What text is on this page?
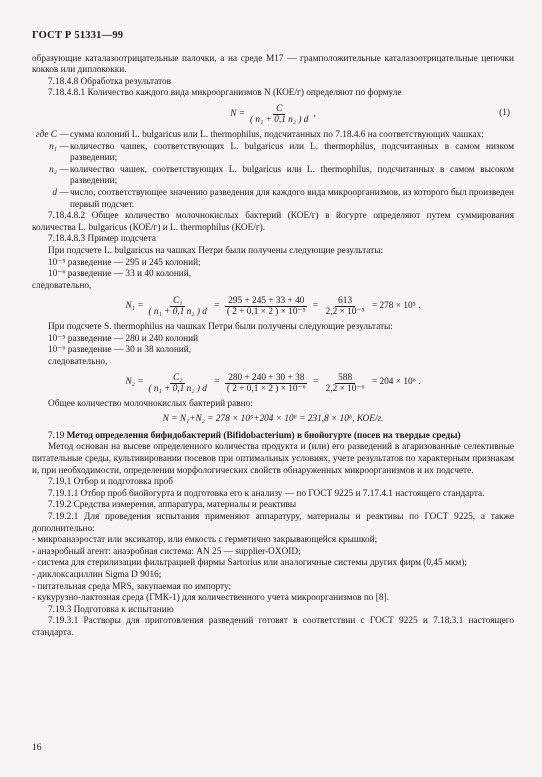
ГОСТ Р 51331—99

образующие каталазоотрицательные палочки, а на среде М17 — грамположительные каталазоотрицательные цепочки кокков или диплококки.

7.18.4.8 Обработка результатов

7.18.4.8.1 Количество каждого вида микроорганизмов N (КОЕ/г) определяют по формуле

$N = \frac{C}{\text{( n₁ + 0,1 n₂ ) d}}$ ,	(1)
где C — сумма колоний L. bulgaricus или L. thermophilus, подсчитанных по 7.18.4.6 на соответствующих чашках;
n₁ — количество чашек, соответствующих L. bulgaricus или L. thermophilus, подсчитанных в самом низком разведении;
n₂ — количество чашек, соответствующих L. bulgaricus или L. thermophilus, подсчитанных в самом высоком разведении;
d — число, соответствующее значению разведения для каждого вида микроорганизмов, из которого был произведен первый подсчет.

7.18.4.8.2 Общее количество молочнокислых бактерий (КОЕ/г) в йогурте определяют путем суммирования количества L. bulgaricus (КОЕ/г) и L. thermophilus (КОЕ/г).

7.18.4.8.3 Пример подсчета

При подсчете L. bulgaricus на чашках Петри были получены следующие результаты:

10⁻⁵ разведение — 295 и 245 колоний;

10⁻⁶ разведение — 33 и 40 колоний,

следовательно,

$N_1 = \frac{\text{C₁}}{\text{( n₁ + 0,1 n₂ ) d}} = \frac{295 + 245 + 33 + 40}{\text{( 2 + 0,1 × 2 ) × 10⁻⁵}} = \frac{613}{\text{2,2 × 10⁻⁵}}$
= 278 × 10⁵ .

При подсчете S. thermophilus на чашках Петри были получены следующие результаты:

10⁻⁵ разведение — 280 и 240 колоний

10⁻⁶ разведение — 30 и 38 колоний,

следовательно,

$N_2 = \frac{\text{C₂}}{\text{( n₁ + 0,1 n₂ ) d}} = \frac{280 + 240 + 30 + 38}{\text{( 2 + 0,1 × 2 ) × 10⁻⁶}} = \frac{588}{\text{2,2 × 10⁻⁶}}$
= 204 × 10⁶ .

Общее количество молочнокислых бактерий равно:

N = N₁+N₂ = 278 × 10⁵+204 × 10⁶ = 231,8 × 10⁶, КОЕ/г.

7.19 Метод определения бифидобактерий (Bifidobacterium) в биойогурте (посев на твердые среды)

Метод основан на высеве определенного количества продукта и (или) его разведений в агаризованные селективные питательные среды, культивировании посевов при оптимальных условиях, учете результатов по характерным признакам и, при необходимости, определении морфологических свойств обнаруженных микроорганизмов и их подсчете.

7.19.1 Отбор и подготовка проб

7.19.1.1 Отбор проб биойогурта и подготовка его к анализу — по ГОСТ 9225 и 7.17.4.1 настоящего стандарта.

7.19.2 Средства измерения, аппаратура, материалы и реактивы

7.19.2.1 Для проведения испытания применяют аппаратуру, материалы и реактивы по ГОСТ 9225, а также дополнительно:

- микроанаэростат или эксикатор, или емкость с герметично закрывающейся крышкой;

- анаэробный агент: анаэробная система: AN 25 — supplier-OXOID;

- система для стерилизации фильтрацией фирмы Sartorius или аналогичные системы других фирм (0,45 мкм);

- диклоксациллин Sigma D 9016;

- питательная среда MRS, закупаемая по импорту;

- кукурузно-лактозная среда (ГМК-1) для количественного учета микроорганизмов по [8].

7.19.3 Подготовка к испытанию

7.19.3.1 Растворы для приготовления разведений готовят в соответствии с ГОСТ 9225 и 7.18.3.1 настоящего стандарта.

16
